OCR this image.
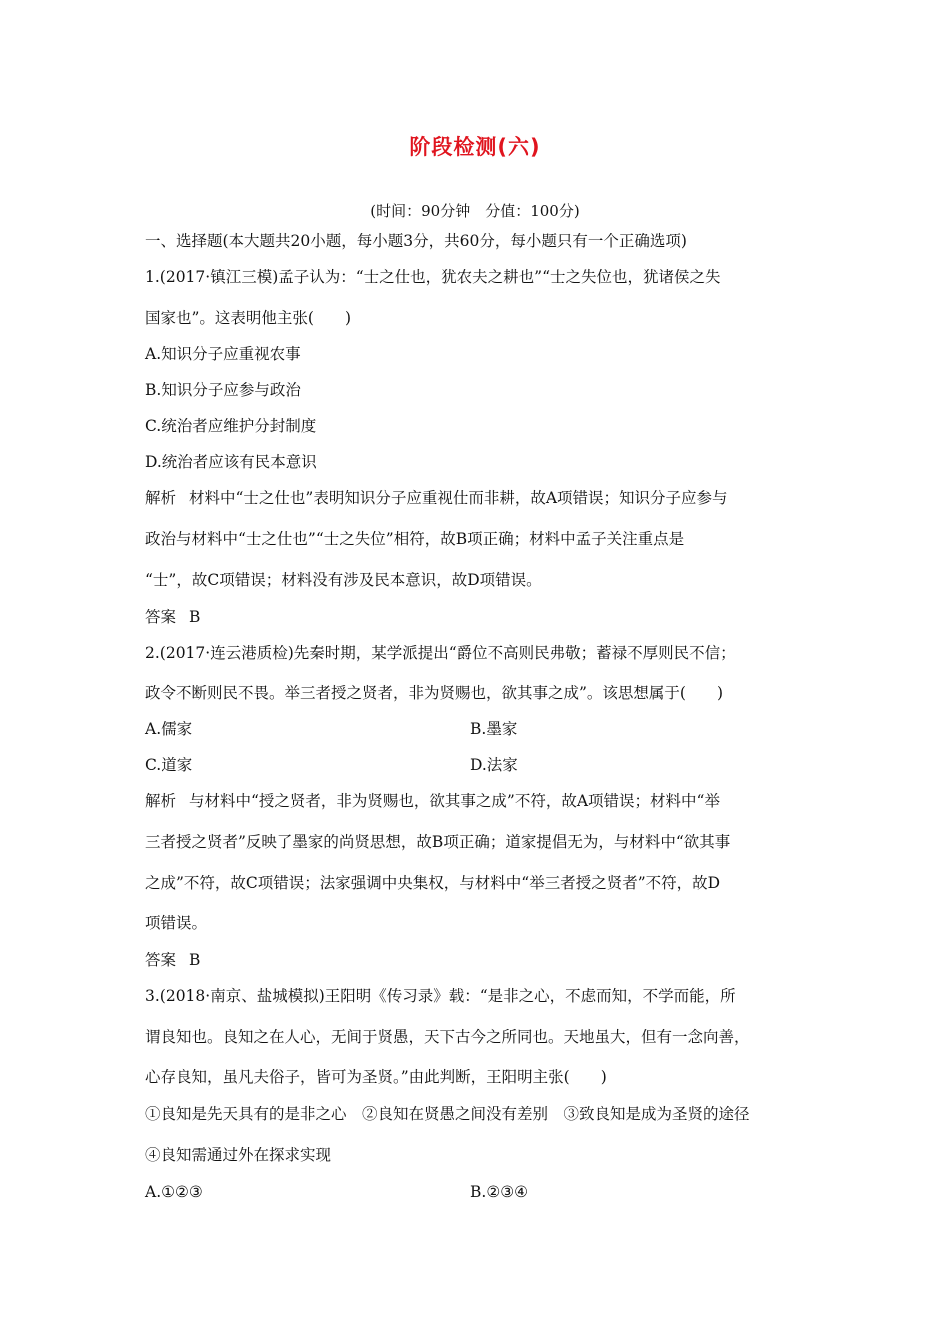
阶段检测(六)
(时间：90分钟　分值：100分)
一、选择题(本大题共20小题，每小题3分，共60分，每小题只有一个正确选项)
1.(2017·镇江三模)孟子认为：“士之仕也，犹农夫之耕也”“士之失位也，犹诸侯之失
国家也”。这表明他主张(　　)
A.知识分子应重视农事
B.知识分子应参与政治
C.统治者应维护分封制度
D.统治者应该有民本意识
解析 材料中“士之仕也”表明知识分子应重视仕而非耕，故A项错误；知识分子应参与
政治与材料中“士之仕也”“士之失位”相符，故B项正确；材料中孟子关注重点是
“士”，故C项错误；材料没有涉及民本意识，故D项错误。
答案 B
2.(2017·连云港质检)先秦时期，某学派提出“爵位不高则民弗敬；蓄禄不厚则民不信；
政令不断则民不畏。举三者授之贤者，非为贤赐也，欲其事之成”。该思想属于(　　)
A.儒家	B.墨家
C.道家	D.法家
解析 与材料中“授之贤者，非为贤赐也，欲其事之成”不符，故A项错误；材料中“举
三者授之贤者”反映了墨家的尚贤思想，故B项正确；道家提倡无为，与材料中“欲其事
之成”不符，故C项错误；法家强调中央集权，与材料中“举三者授之贤者”不符，故D
项错误。
答案 B
3.(2018·南京、盐城模拟)王阳明《传习录》载：“是非之心，不虑而知，不学而能，所
谓良知也。良知之在人心，无间于贤愚，天下古今之所同也。天地虽大，但有一念向善，
心存良知，虽凡夫俗子，皆可为圣贤。”由此判断，王阳明主张(　　)
①良知是先天具有的是非之心　②良知在贤愚之间没有差别　③致良知是成为圣贤的途径
④良知需通过外在探求实现
A.①②③	B.②③④
